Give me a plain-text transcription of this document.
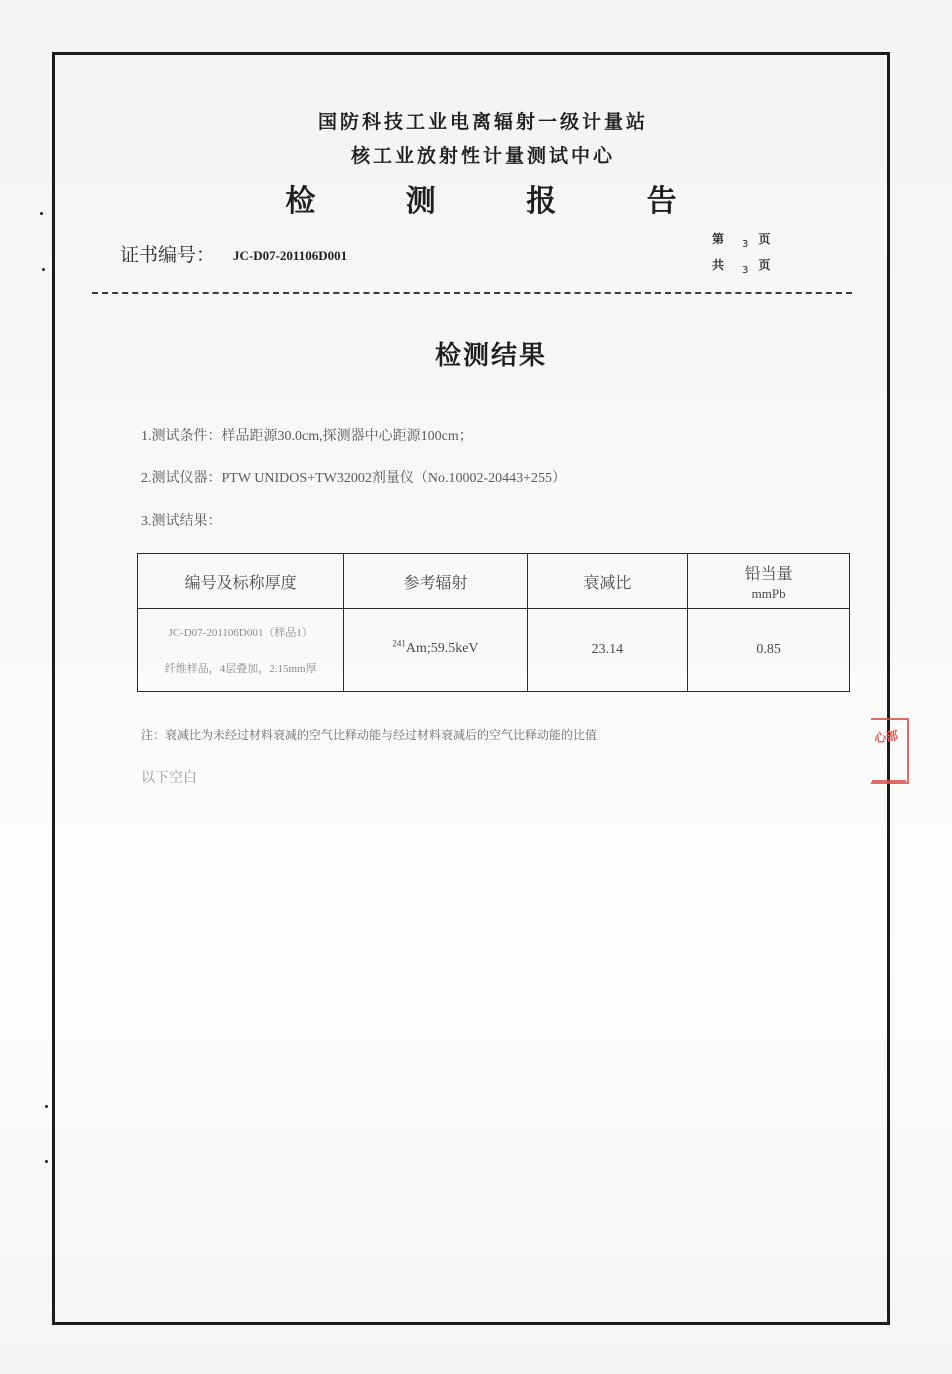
国防科技工业电离辐射一级计量站
核工业放射性计量测试中心
检 测 报 告
证书编号： JC-D07-201106D001
第 $_3$ 页
共 $_3$ 页
检测结果
1.测试条件：样品距源30.0cm,探测器中心距源100cm；
2.测试仪器：PTW UNIDOS+TW32002剂量仪（No.10002-20443+255）
3.测试结果：
编号及标称厚度	参考辐射	衰减比	铅当量
mmPb

JC-D07-201106D001（样品1）
纤维样品，4层叠加，2.15mm厚	$^{241}$Am;59.5keV	23.14	0.85
注：衰减比为未经过材料衰减的空气比释动能与经过材料衰减后的空气比释动能的比值
以下空白
心部
